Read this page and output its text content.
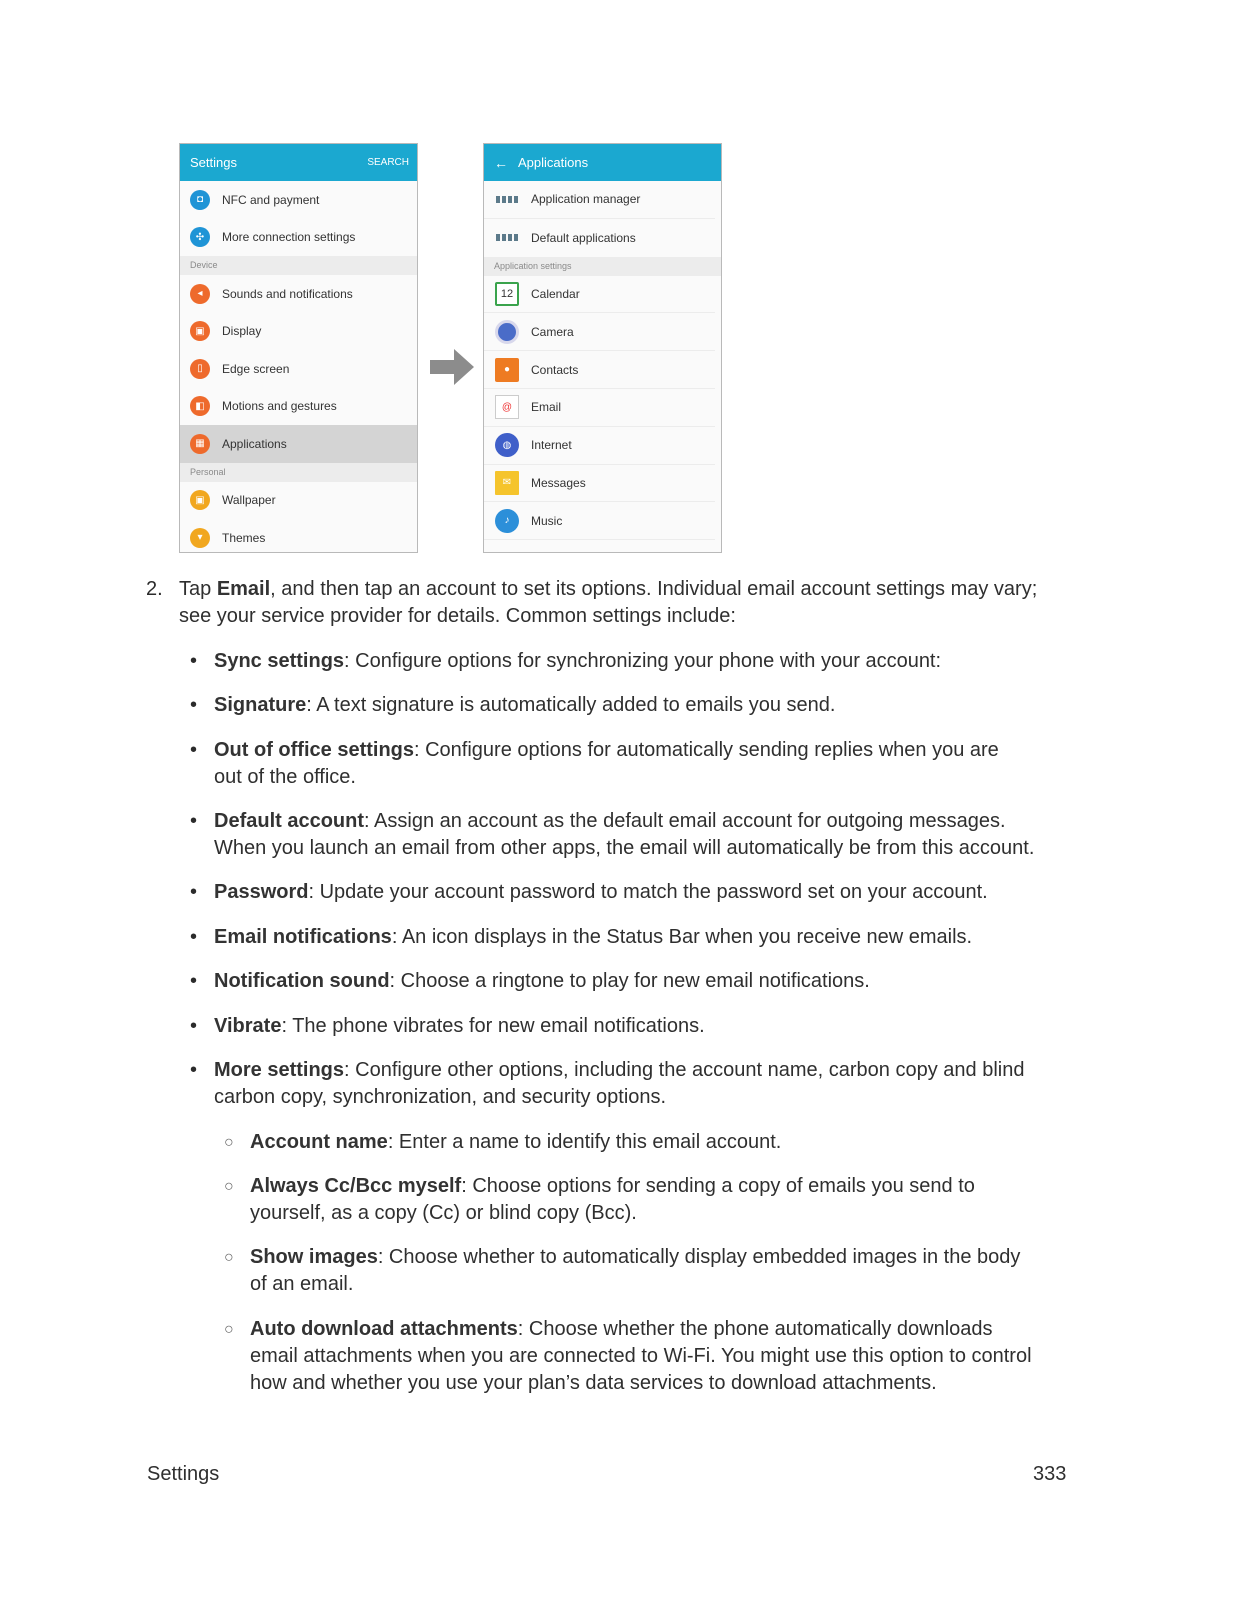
Settings	SEARCH
◘	NFC and payment
✣	More connection settings
Device
◂	Sounds and notifications
▣	Display
▯	Edge screen
◧	Motions and gestures
▦	Applications
Personal
▣	Wallpaper
▾	Themes
← Applications
Application manager
Default applications
Application settings
12	Calendar
Camera
●	Contacts
@	Email
◍	Internet
✉	Messages
♪	Music
2. Tap Email, and then tap an account to set its options. Individual email account settings may vary;
see your service provider for details. Common settings include:

• Sync settings: Configure options for synchronizing your phone with your account:

• Signature: A text signature is automatically added to emails you send.

• Out of office settings: Configure options for automatically sending replies when you are
out of the office.

• Default account: Assign an account as the default email account for outgoing messages.
When you launch an email from other apps, the email will automatically be from this account.

• Password: Update your account password to match the password set on your account.

• Email notifications: An icon displays in the Status Bar when you receive new emails.

• Notification sound: Choose a ringtone to play for new email notifications.

• Vibrate: The phone vibrates for new email notifications.

• More settings: Configure other options, including the account name, carbon copy and blind
carbon copy, synchronization, and security options.

○ Account name: Enter a name to identify this email account.

○ Always Cc/Bcc myself: Choose options for sending a copy of emails you send to
yourself, as a copy (Cc) or blind copy (Bcc).

○ Show images: Choose whether to automatically display embedded images in the body
of an email.

○ Auto download attachments: Choose whether the phone automatically downloads
email attachments when you are connected to Wi-Fi. You might use this option to control
how and whether you use your plan’s data services to download attachments.

Settings	333
